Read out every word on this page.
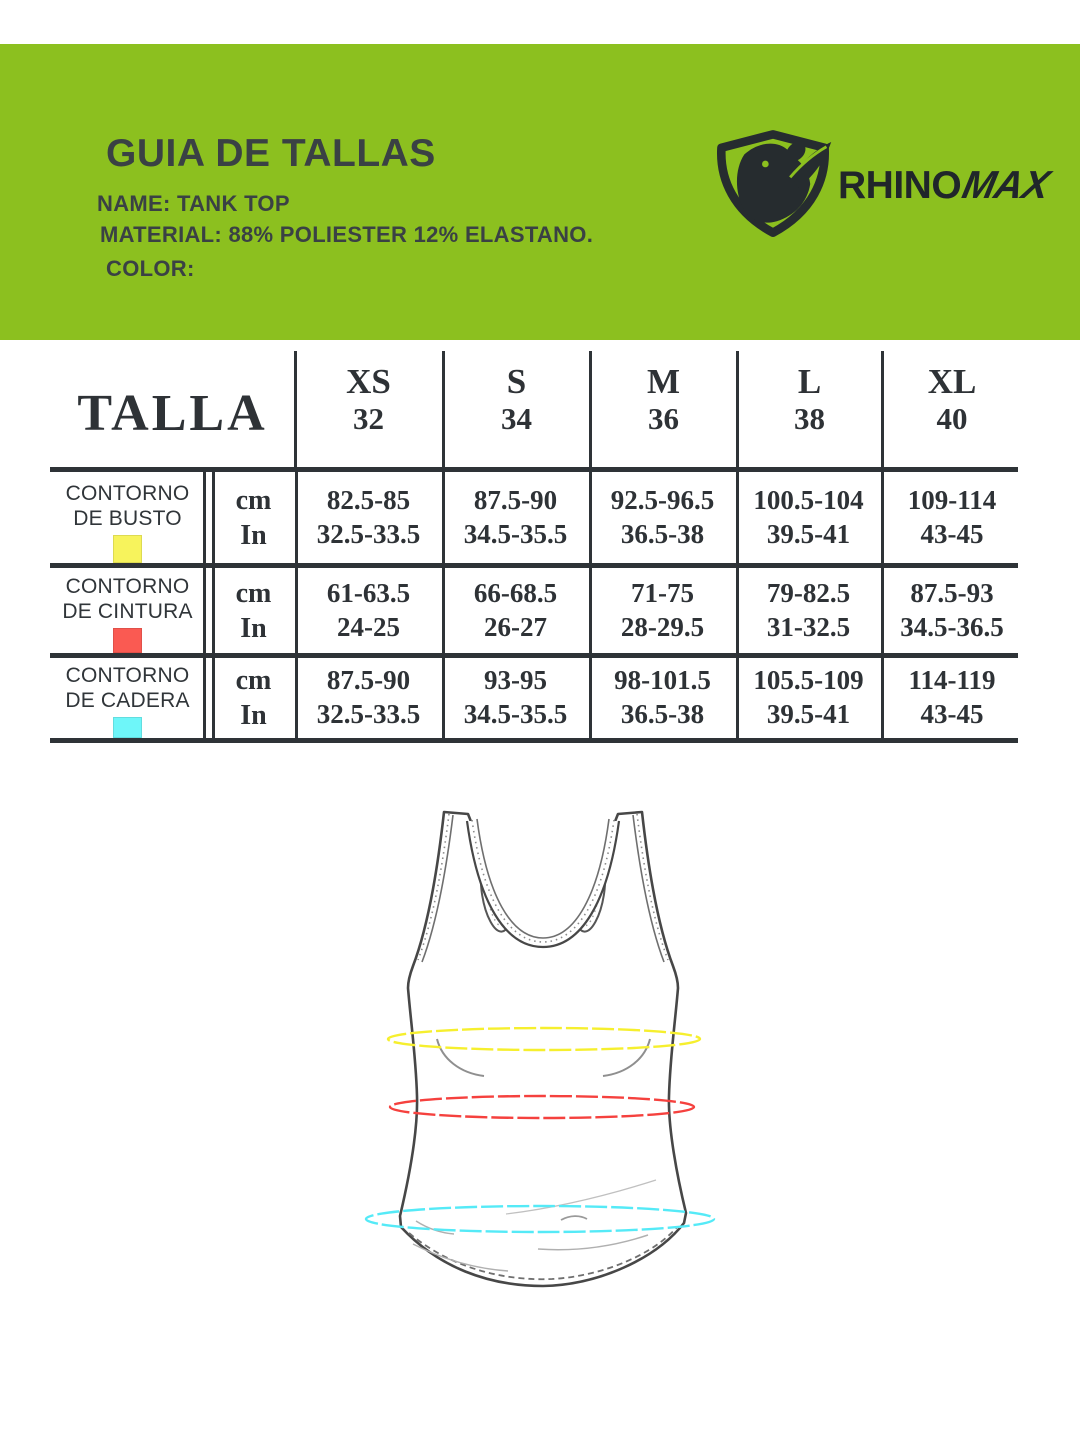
GUIA DE TALLAS
NAME: TANK TOP
MATERIAL: 88% POLIESTER 12% ELASTANO.
COLOR:
RHINOMAX
TALLA
XS
32
S
34
M
36
L
38
XL
40
CONTORNO
DE BUSTO
cm
In
82.5-85
32.5-33.5
87.5-90
34.5-35.5
92.5-96.5
36.5-38
100.5-104
39.5-41
109-114
43-45
CONTORNO
DE CINTURA
cm
In
61-63.5
24-25
66-68.5
26-27
71-75
28-29.5
79-82.5
31-32.5
87.5-93
34.5-36.5
CONTORNO
DE CADERA
cm
In
87.5-90
32.5-33.5
93-95
34.5-35.5
98-101.5
36.5-38
105.5-109
39.5-41
114-119
43-45
